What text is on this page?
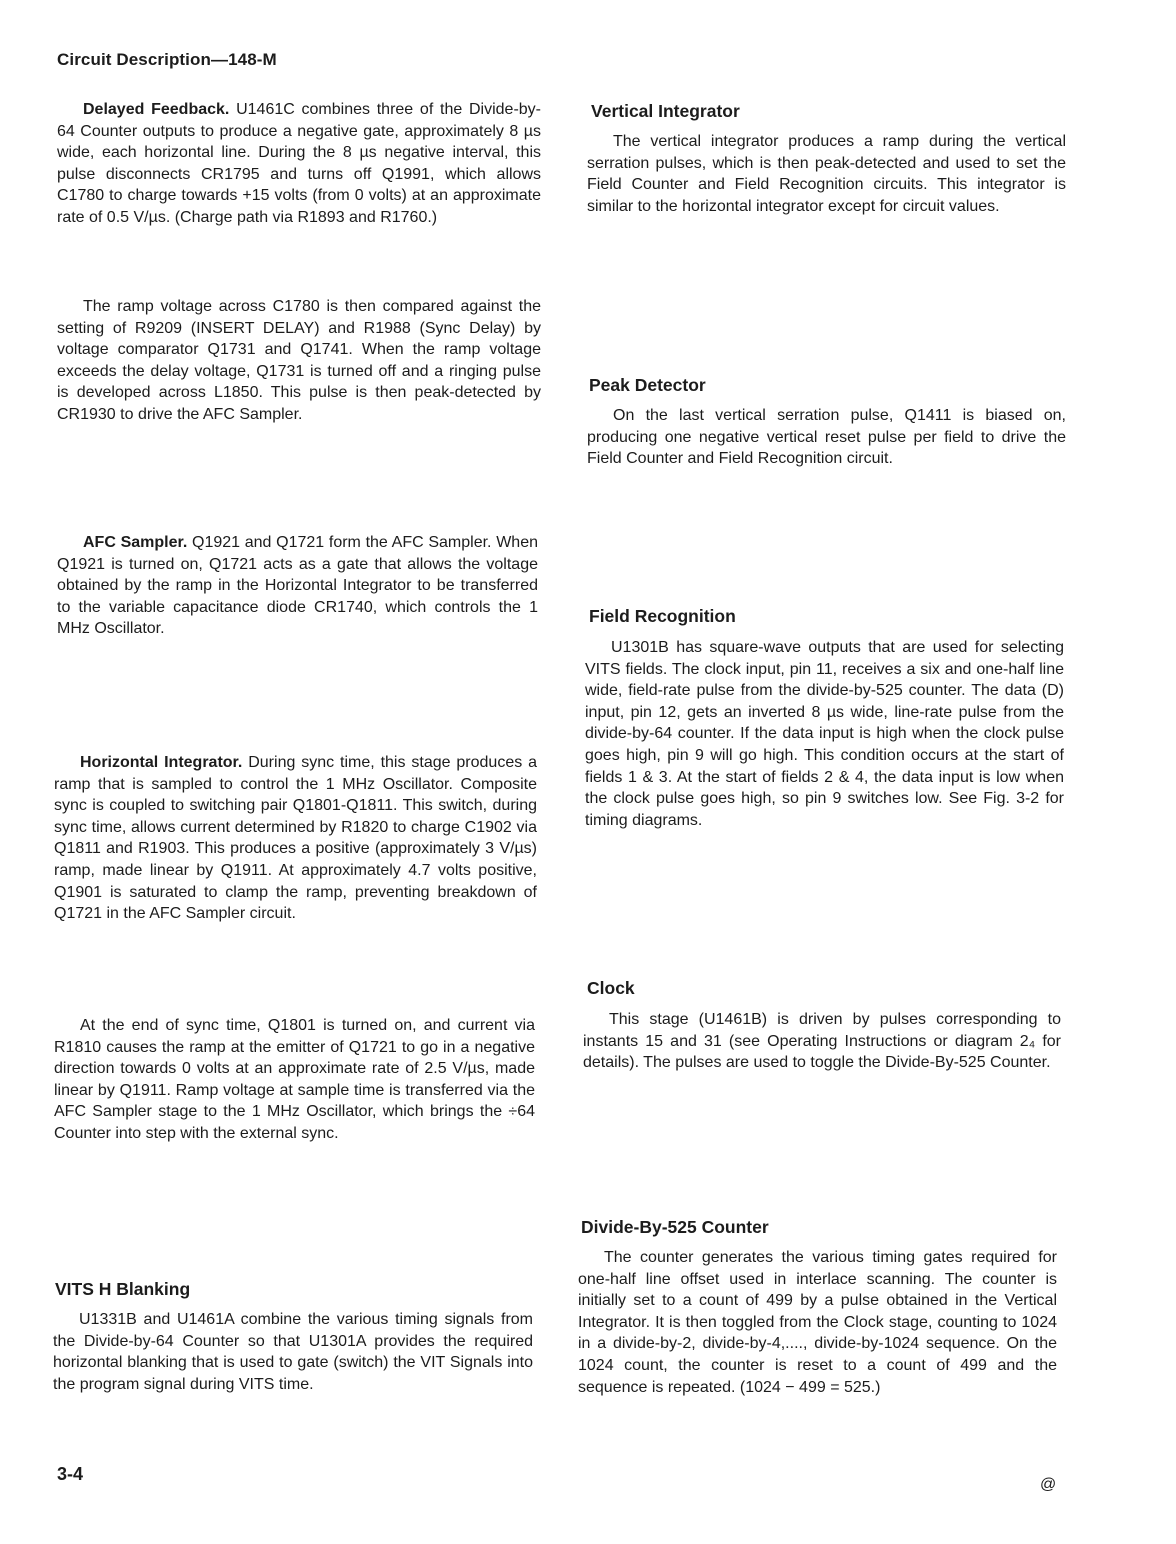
Circuit Description—148-M

Delayed Feedback. U1461C combines three of the Divide-by-64 Counter outputs to produce a negative gate, approximately 8 µs wide, each horizontal line. During the 8 µs negative interval, this pulse disconnects CR1795 and turns off Q1991, which allows C1780 to charge towards +15 volts (from 0 volts) at an approximate rate of 0.5 V/µs. (Charge path via R1893 and R1760.)

The ramp voltage across C1780 is then compared against the setting of R9209 (INSERT DELAY) and R1988 (Sync Delay) by voltage comparator Q1731 and Q1741. When the ramp voltage exceeds the delay voltage, Q1731 is turned off and a ringing pulse is developed across L1850. This pulse is then peak-detected by CR1930 to drive the AFC Sampler.

AFC Sampler. Q1921 and Q1721 form the AFC Sampler. When Q1921 is turned on, Q1721 acts as a gate that allows the voltage obtained by the ramp in the Horizontal Integrator to be transferred to the variable capacitance diode CR1740, which controls the 1 MHz Oscillator.

Horizontal Integrator. During sync time, this stage produces a ramp that is sampled to control the 1 MHz Oscillator. Composite sync is coupled to switching pair Q1801-Q1811. This switch, during sync time, allows current determined by R1820 to charge C1902 via Q1811 and R1903. This produces a positive (approximately 3 V/µs) ramp, made linear by Q1911. At approximately 4.7 volts positive, Q1901 is saturated to clamp the ramp, preventing breakdown of Q1721 in the AFC Sampler circuit.

At the end of sync time, Q1801 is turned on, and current via R1810 causes the ramp at the emitter of Q1721 to go in a negative direction towards 0 volts at an approximate rate of 2.5 V/µs, made linear by Q1911. Ramp voltage at sample time is transferred via the AFC Sampler stage to the 1 MHz Oscillator, which brings the ÷64 Counter into step with the external sync.

VITS H Blanking

U1331B and U1461A combine the various timing signals from the Divide-by-64 Counter so that U1301A provides the required horizontal blanking that is used to gate (switch) the VIT Signals into the program signal during VITS time.

Vertical Integrator

The vertical integrator produces a ramp during the vertical serration pulses, which is then peak-detected and used to set the Field Counter and Field Recognition circuits. This integrator is similar to the horizontal integrator except for circuit values.

Peak Detector

On the last vertical serration pulse, Q1411 is biased on, producing one negative vertical reset pulse per field to drive the Field Counter and Field Recognition circuit.

Field Recognition

U1301B has square-wave outputs that are used for selecting VITS fields. The clock input, pin 11, receives a six and one-half line wide, field-rate pulse from the divide-by-525 counter. The data (D) input, pin 12, gets an inverted 8 µs wide, line-rate pulse from the divide-by-64 counter. If the data input is high when the clock pulse goes high, pin 9 will go high. This condition occurs at the start of fields 1 & 3. At the start of fields 2 & 4, the data input is low when the clock pulse goes high, so pin 9 switches low. See Fig. 3-2 for timing diagrams.

Clock

This stage (U1461B) is driven by pulses corresponding to instants 15 and 31 (see Operating Instructions or diagram 2₄ for details). The pulses are used to toggle the Divide-By-525 Counter.

Divide-By-525 Counter

The counter generates the various timing gates required for one-half line offset used in interlace scanning. The counter is initially set to a count of 499 by a pulse obtained in the Vertical Integrator. It is then toggled from the Clock stage, counting to 1024 in a divide-by-2, divide-by-4,...., divide-by-1024 sequence. On the 1024 count, the counter is reset to a count of 499 and the sequence is repeated. (1024 − 499 = 525.)

3-4
@
